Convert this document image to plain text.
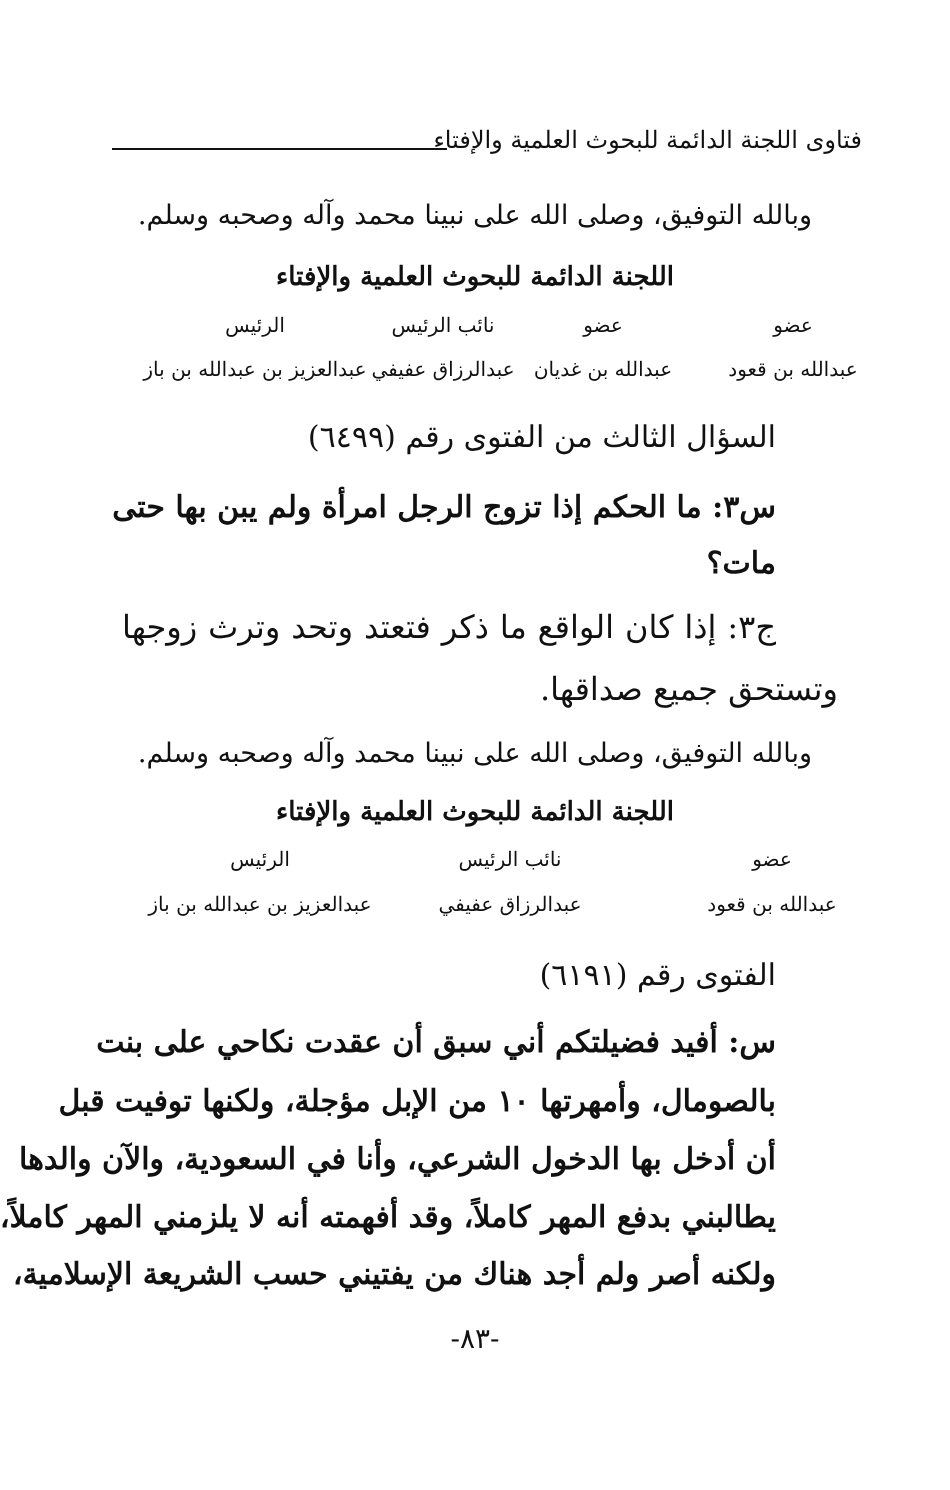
فتاوى اللجنة الدائمة للبحوث العلمية والإفتاء
وبالله التوفيق، وصلى الله على نبينا محمد وآله وصحبه وسلم.
اللجنة الدائمة للبحوث العلمية والإفتاء
عضو
عضو
نائب الرئيس
الرئيس
عبدالله بن قعود
عبدالله بن غديان
عبدالرزاق عفيفي
عبدالعزيز بن عبدالله بن باز
السؤال الثالث من الفتوى رقم (٦٤٩٩)
س٣: ما الحكم إذا تزوج الرجل امرأة ولم يبن بها حتى
مات؟
ج٣: إذا كان الواقع ما ذكر فتعتد وتحد وترث زوجها
وتستحق جميع صداقها.
وبالله التوفيق، وصلى الله على نبينا محمد وآله وصحبه وسلم.
اللجنة الدائمة للبحوث العلمية والإفتاء
عضو
نائب الرئيس
الرئيس
عبدالله بن قعود
عبدالرزاق عفيفي
عبدالعزيز بن عبدالله بن باز
الفتوى رقم (٦١٩١)
س: أفيد فضيلتكم أني سبق أن عقدت نكاحي على بنت
بالصومال، وأمهرتها ١٠ من الإبل مؤجلة، ولكنها توفيت قبل
أن أدخل بها الدخول الشرعي، وأنا في السعودية، والآن والدها
يطالبني بدفع المهر كاملاً، وقد أفهمته أنه لا يلزمني المهر كاملاً،
ولكنه أصر ولم أجد هناك من يفتيني حسب الشريعة الإسلامية،
-٨٣-
